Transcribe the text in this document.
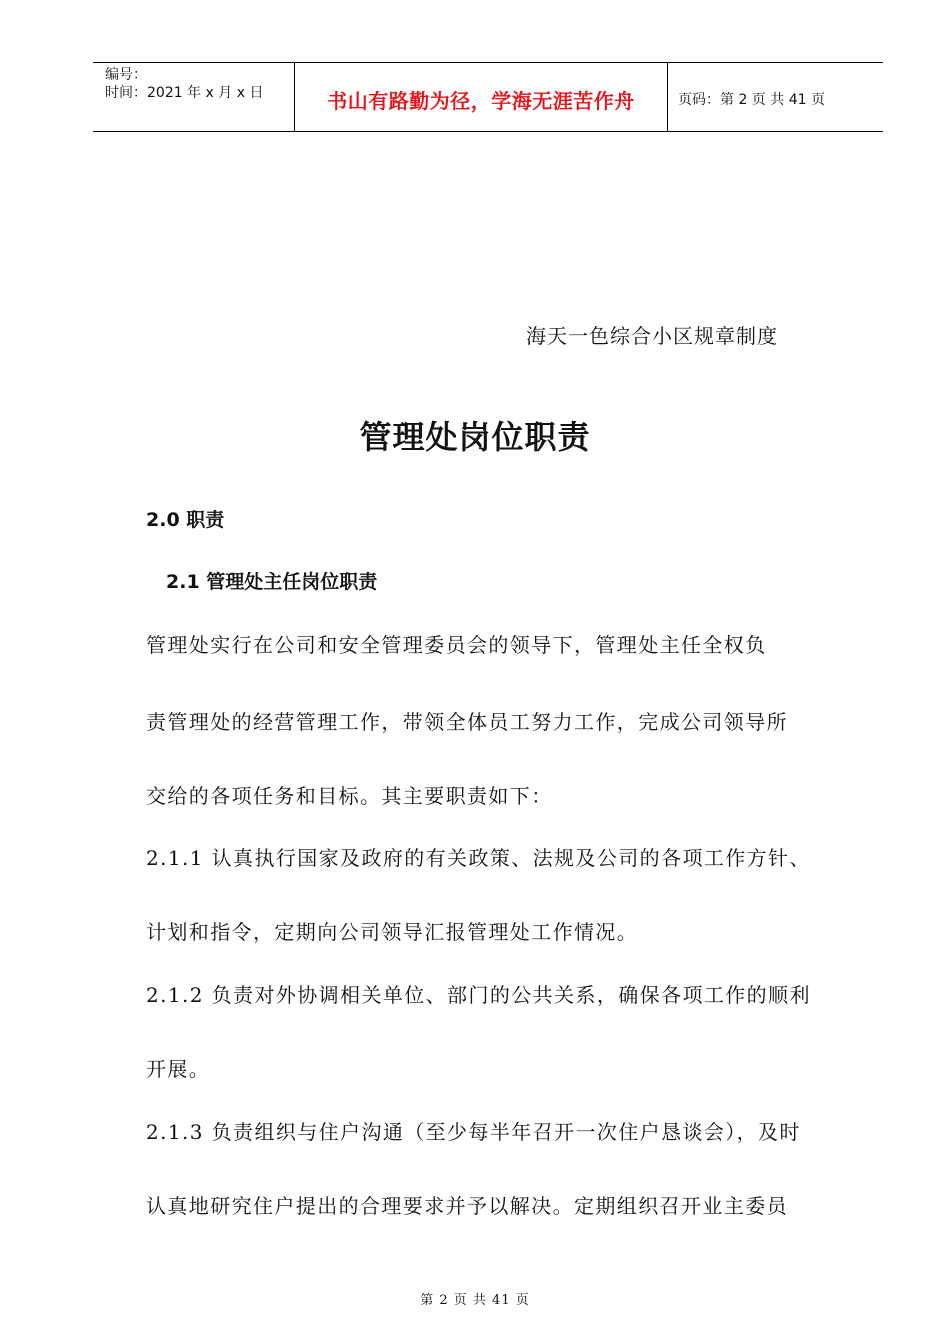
编号：
时间：2021 年 x 月 x 日	书山有路勤为径，学海无涯苦作舟	页码：第 2 页 共 41 页
海天一色综合小区规章制度
管理处岗位职责
2.0 职责
2.1 管理处主任岗位职责
管理处实行在公司和安全管理委员会的领导下，管理处主任全权负
责管理处的经营管理工作，带领全体员工努力工作，完成公司领导所
交给的各项任务和目标。其主要职责如下：
2.1.1 认真执行国家及政府的有关政策、法规及公司的各项工作方针、
计划和指令，定期向公司领导汇报管理处工作情况。
2.1.2 负责对外协调相关单位、部门的公共关系，确保各项工作的顺利
开展。
2.1.3 负责组织与住户沟通（至少每半年召开一次住户恳谈会），及时
认真地研究住户提出的合理要求并予以解决。定期组织召开业主委员
第 2 页 共 41 页
